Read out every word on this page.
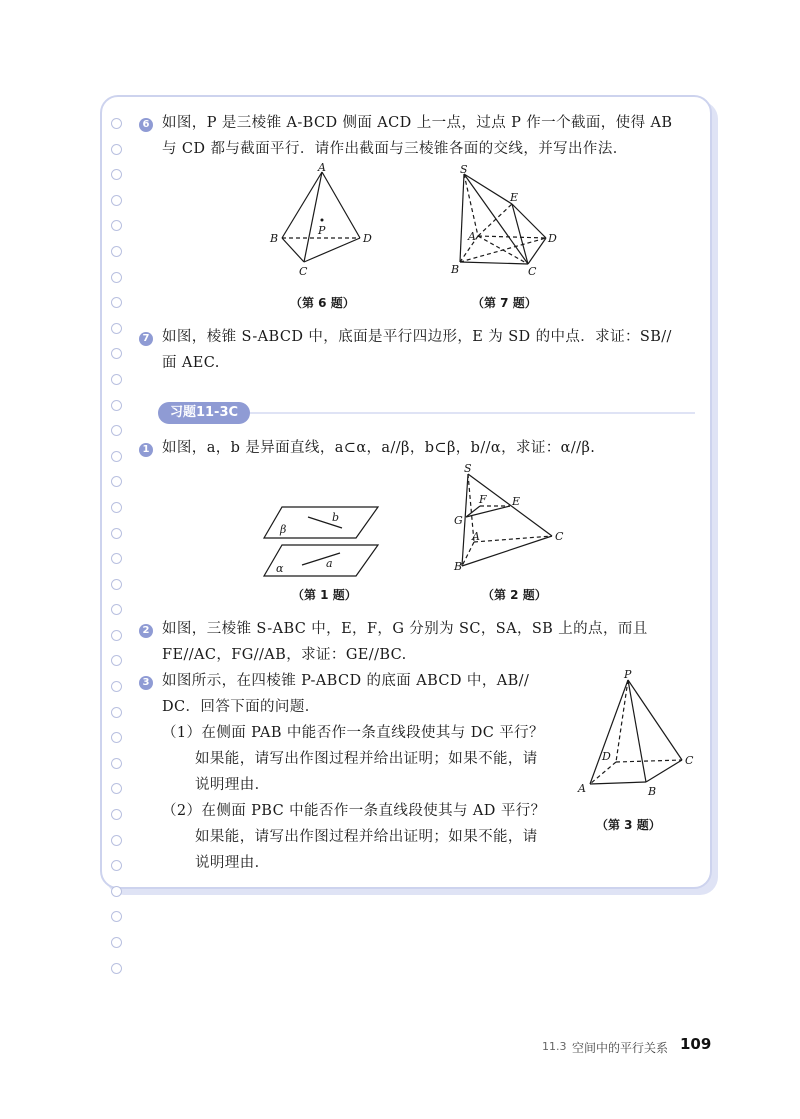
6 如图，P 是三棱锥 A-BCD 侧面 ACD 上一点，过点 P 作一个截面，使得 AB
与 CD 都与截面平行．请作出截面与三棱锥各面的交线，并写出作法．
A
P
B	D
C
（第 6 题）
S
E
A	D
B	C
（第 7 题）
7 如图，棱锥 S-ABCD 中，底面是平行四边形，E 为 SD 的中点．求证：SB//
面 AEC.
习题11-3C
1 如图，a，b 是异面直线，a⊂α，a//β，b⊂β，b//α，求证：α//β.
β
b
α	a
（第 1 题）
S
F E
G
A	C
B
（第 2 题）
2 如图，三棱锥 S-ABC 中，E，F，G 分别为 SC，SA，SB 上的点，而且
FE//AC，FG//AB，求证：GE//BC.
3 如图所示，在四棱锥 P-ABCD 的底面 ABCD 中，AB//
DC．回答下面的问题．
（1）在侧面 PAB 中能否作一条直线段使其与 DC 平行？
如果能，请写出作图过程并给出证明；如果不能，请
说明理由．
（2）在侧面 PBC 中能否作一条直线段使其与 AD 平行？
如果能，请写出作图过程并给出证明；如果不能，请
说明理由．
P
D	C
A	B
（第 3 题）
11.3 空间中的平行关系 109
